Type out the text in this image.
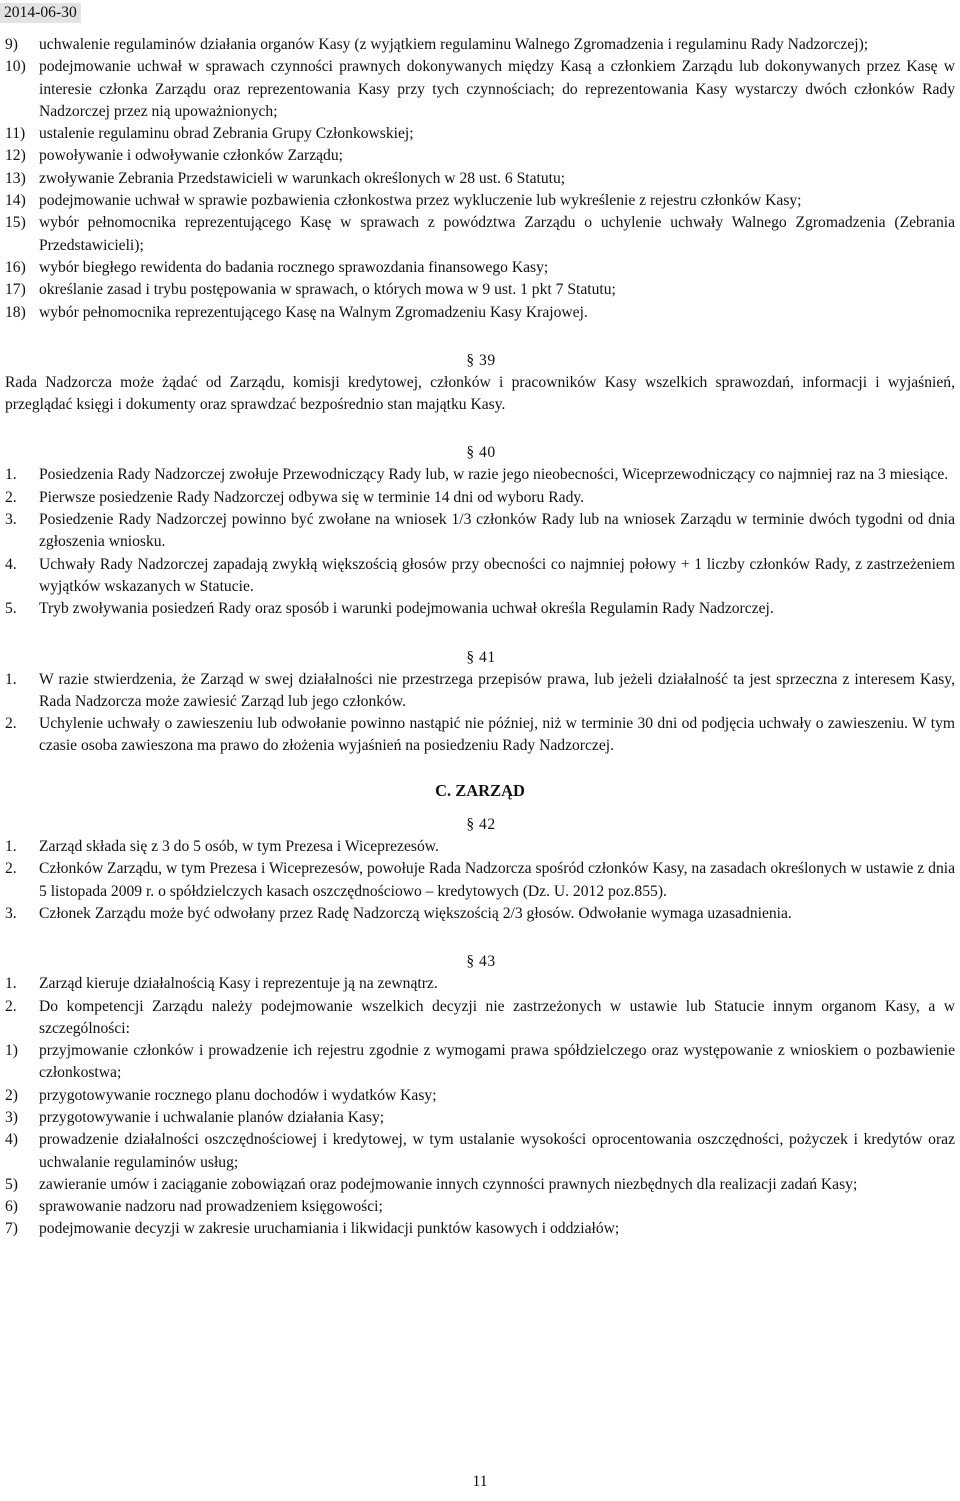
2014-06-30
9)	uchwalenie regulaminów działania organów Kasy (z wyjątkiem regulaminu Walnego Zgromadzenia i regulaminu Rady Nadzorczej);
10) podejmowanie uchwał w sprawach czynności prawnych dokonywanych między Kasą a członkiem Zarządu lub dokonywanych przez Kasę w interesie członka Zarządu oraz reprezentowania Kasy przy tych czynnościach; do reprezentowania Kasy wystarczy dwóch członków Rady Nadzorczej przez nią upoważnionych;
11) ustalenie regulaminu obrad Zebrania Grupy Członkowskiej;
12) powoływanie i odwoływanie członków Zarządu;
13) zwoływanie Zebrania Przedstawicieli w warunkach określonych w 28 ust. 6 Statutu;
14) podejmowanie uchwał w sprawie pozbawienia członkostwa przez wykluczenie lub wykreślenie z rejestru członków Kasy;
15) wybór pełnomocnika reprezentującego Kasę w sprawach z powództwa Zarządu o uchylenie uchwały Walnego Zgromadzenia (Zebrania Przedstawicieli);
16) wybór biegłego rewidenta do badania rocznego sprawozdania finansowego Kasy;
17) określanie zasad i trybu postępowania w sprawach, o których mowa w 9 ust. 1 pkt 7 Statutu;
18) wybór pełnomocnika reprezentującego Kasę na Walnym Zgromadzeniu Kasy Krajowej.
§ 39
Rada Nadzorcza może żądać od Zarządu, komisji kredytowej, członków i pracowników Kasy wszelkich sprawozdań, informacji i wyjaśnień, przeglądać księgi i dokumenty oraz sprawdzać bezpośrednio stan majątku Kasy.
§ 40
1.	Posiedzenia Rady Nadzorczej zwołuje Przewodniczący Rady lub, w razie jego nieobecności, Wiceprzewodniczący co najmniej raz na 3 miesiące.
2.	Pierwsze posiedzenie Rady Nadzorczej odbywa się w terminie 14 dni od wyboru Rady.
3.	Posiedzenie Rady Nadzorczej powinno być zwołane na wniosek 1/3 członków Rady lub na wniosek Zarządu w terminie dwóch tygodni od dnia zgłoszenia wniosku.
4.	Uchwały Rady Nadzorczej zapadają zwykłą większością głosów przy obecności co najmniej połowy + 1 liczby członków Rady, z zastrzeżeniem wyjątków wskazanych w Statucie.
5.	Tryb zwoływania posiedzeń Rady oraz sposób i warunki podejmowania uchwał określa Regulamin Rady Nadzorczej.
§ 41
1.	W razie stwierdzenia, że Zarząd w swej działalności nie przestrzega przepisów prawa, lub jeżeli działalność ta jest sprzeczna z interesem Kasy, Rada Nadzorcza może zawiesić Zarząd lub jego członków.
2.	Uchylenie uchwały o zawieszeniu lub odwołanie powinno nastąpić nie później, niż w terminie 30 dni od podjęcia uchwały o zawieszeniu. W tym czasie osoba zawieszona ma prawo do złożenia wyjaśnień na posiedzeniu Rady Nadzorczej.
C. ZARZĄD
§ 42
1.	Zarząd składa się z 3 do 5 osób, w tym Prezesa i Wiceprezesów.
2.	Członków Zarządu, w tym Prezesa i Wiceprezesów, powołuje Rada Nadzorcza spośród członków Kasy, na zasadach określonych w ustawie z dnia 5 listopada 2009 r. o spółdzielczych kasach oszczędnościowo – kredytowych (Dz. U. 2012 poz.855).
3.	Członek Zarządu może być odwołany przez Radę Nadzorczą większością 2/3 głosów. Odwołanie wymaga uzasadnienia.
§ 43
1.	Zarząd kieruje działalnością Kasy i reprezentuje ją na zewnątrz.
2.	Do kompetencji Zarządu należy podejmowanie wszelkich decyzji nie zastrzeżonych w ustawie lub Statucie innym organom Kasy, a w szczególności:
1)	przyjmowanie członków i prowadzenie ich rejestru zgodnie z wymogami prawa spółdzielczego oraz występowanie z wnioskiem o pozbawienie członkostwa;
2)	przygotowywanie rocznego planu dochodów i wydatków Kasy;
3)	przygotowywanie i uchwalanie planów działania Kasy;
4)	prowadzenie działalności oszczędnościowej i kredytowej, w tym ustalanie wysokości oprocentowania oszczędności, pożyczek i kredytów oraz uchwalanie regulaminów usług;
5)	zawieranie umów i zaciąganie zobowiązań oraz podejmowanie innych czynności prawnych niezbędnych dla realizacji zadań Kasy;
6)	sprawowanie nadzoru nad prowadzeniem księgowości;
7)	podejmowanie decyzji w zakresie uruchamiania i likwidacji punktów kasowych i oddziałów;
11
